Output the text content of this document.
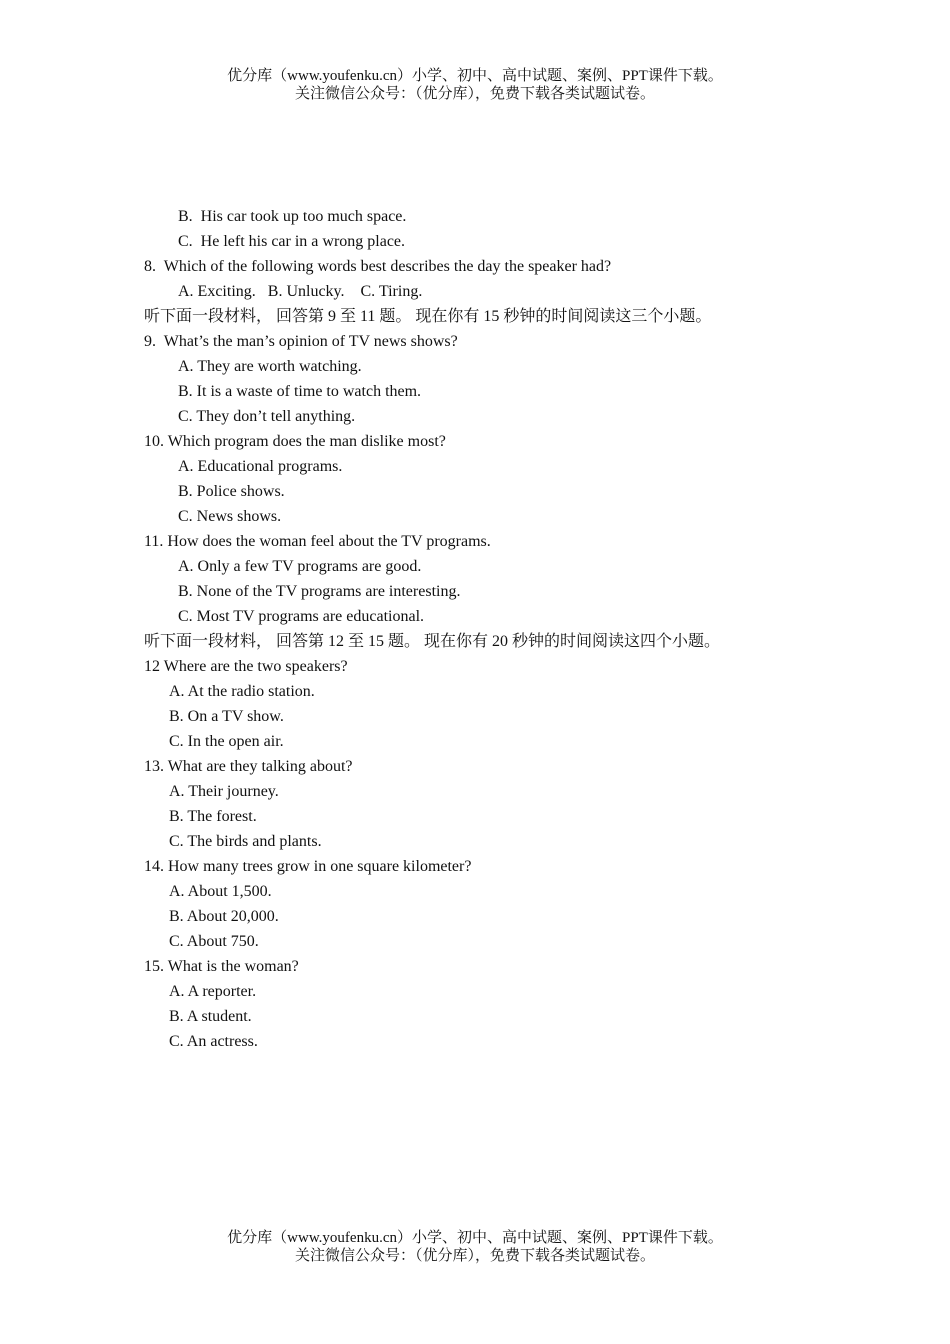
优分库（www.youfenku.cn）小学、初中、高中试题、案例、PPT课件下载。
关注微信公众号：（优分库），免费下载各类试题试卷。
B.  His car took up too much space.
C.  He left his car in a wrong place.
8.  Which of the following words best describes the day the speaker had?
A. Exciting.   B. Unlucky.    C. Tiring.
听下面一段材料， 回答第 9 至 11 题。 现在你有 15 秒钟的时间阅读这三个小题。
9.  What’s the man’s opinion of TV news shows?
A. They are worth watching.
B. It is a waste of time to watch them.
C. They don’t tell anything.
10. Which program does the man dislike most?
A. Educational programs.
B. Police shows.
C. News shows.
11. How does the woman feel about the TV programs.
A. Only a few TV programs are good.
B. None of the TV programs are interesting.
C. Most TV programs are educational.
听下面一段材料， 回答第 12 至 15 题。 现在你有 20 秒钟的时间阅读这四个小题。
12 Where are the two speakers?
A. At the radio station.
B. On a TV show.
C. In the open air.
13. What are they talking about?
A. Their journey.
B. The forest.
C. The birds and plants.
14. How many trees grow in one square kilometer?
A. About 1,500.
B. About 20,000.
C. About 750.
15. What is the woman?
A. A reporter.
B. A student.
C. An actress.
优分库（www.youfenku.cn）小学、初中、高中试题、案例、PPT课件下载。
关注微信公众号：（优分库），免费下载各类试题试卷。
